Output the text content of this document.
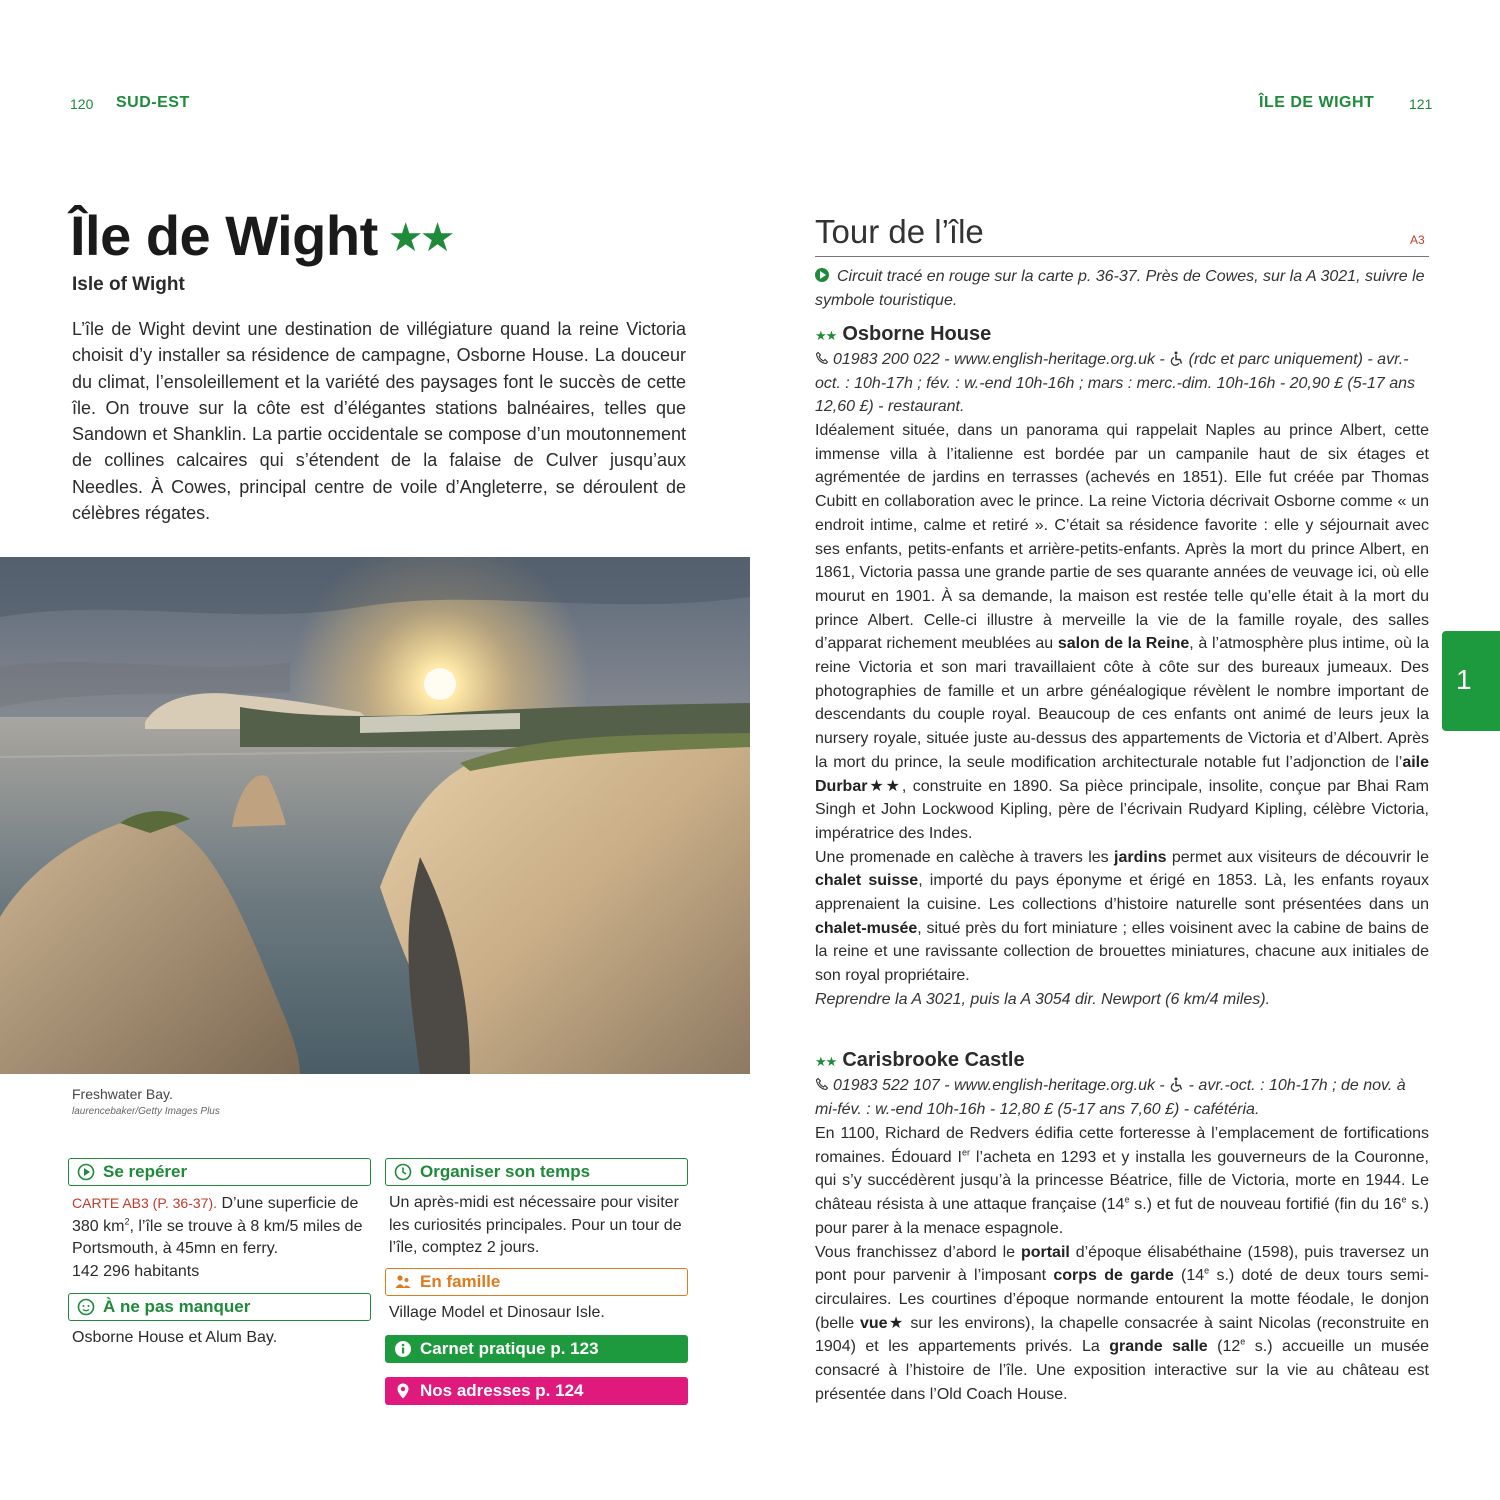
120 SUD-EST	ÎLE DE WIGHT 121
Île de Wight ★★
Isle of Wight

L’île de Wight devint une destination de villégiature quand la reine Victoria choisit d’y installer sa résidence de campagne, Osborne House. La douceur du climat, l’ensoleillement et la variété des paysages font le succès de cette île. On trouve sur la côte est d’élégantes stations balnéaires, telles que Sandown et Shanklin. La partie occidentale se compose d’un moutonnement de collines calcaires qui s’étendent de la falaise de Culver jusqu’aux Needles. À Cowes, principal centre de voile d’Angleterre, se déroulent de célèbres régates.

Freshwater Bay.
laurencebaker/Getty Images Plus
Se repérer
CARTE AB3 (P. 36-37). D’une superficie de 380 $km^2$, l’île se trouve à 8 km/5 miles de Portsmouth, à 45mn en ferry.
142 296 habitants
À ne pas manquer
Osborne House et Alum Bay.
Organiser son temps
Un après-midi est nécessaire pour visiter les curiosités principales. Pour un tour de l’île, comptez 2 jours.
En famille
Village Model et Dinosaur Isle.
Carnet pratique p. 123
Nos adresses p. 124
Tour de l’île	A3

Circuit tracé en rouge sur la carte p. 36-37. Près de Cowes, sur la A 3021, suivre le symbole touristique.

★★ Osborne House

01983 200 022 - www.english-heritage.org.uk -  (rdc et parc uniquement) - avr.-oct. : 10h-17h ; fév. : w.-end 10h-16h ; mars : merc.-dim. 10h-16h - 20,90 £ (5-17 ans 12,60 £) - restaurant.

Idéalement située, dans un panorama qui rappelait Naples au prince Albert, cette immense villa à l’italienne est bordée par un campanile haut de six étages et agrémentée de jardins en terrasses (achevés en 1851). Elle fut créée par Thomas Cubitt en collaboration avec le prince. La reine Victoria décrivait Osborne comme « un endroit intime, calme et retiré ». C’était sa résidence favorite : elle y séjournait avec ses enfants, petits-enfants et arrière-petits-enfants. Après la mort du prince Albert, en 1861, Victoria passa une grande partie de ses quarante années de veuvage ici, où elle mourut en 1901. À sa demande, la maison est restée telle qu’elle était à la mort du prince Albert. Celle-ci illustre à merveille la vie de la famille royale, des salles d’apparat richement meublées au salon de la Reine, à l’atmosphère plus intime, où la reine Victoria et son mari travaillaient côte à côte sur des bureaux jumeaux. Des photographies de famille et un arbre généalogique révèlent le nombre important de descendants du couple royal. Beaucoup de ces enfants ont animé de leurs jeux la nursery royale, située juste au-dessus des appartements de Victoria et d’Albert. Après la mort du prince, la seule modification architecturale notable fut l’adjonction de l’aile Durbar★★, construite en 1890. Sa pièce principale, insolite, conçue par Bhai Ram Singh et John Lockwood Kipling, père de l’écrivain Rudyard Kipling, célèbre Victoria, impératrice des Indes.

Une promenade en calèche à travers les jardins permet aux visiteurs de découvrir le chalet suisse, importé du pays éponyme et érigé en 1853. Là, les enfants royaux apprenaient la cuisine. Les collections d’histoire naturelle sont présentées dans un chalet-musée, situé près du fort miniature ; elles voisinent avec la cabine de bains de la reine et une ravissante collection de brouettes miniatures, chacune aux initiales de son royal propriétaire.

Reprendre la A 3021, puis la A 3054 dir. Newport (6 km/4 miles).

★★ Carisbrooke Castle

01983 522 107 - www.english-heritage.org.uk -  - avr.-oct. : 10h-17h ; de nov. à mi-fév. : w.-end 10h-16h - 12,80 £ (5-17 ans 7,60 £) - cafétéria.

En 1100, Richard de Redvers édifia cette forteresse à l’emplacement de fortifications romaines. Édouard Ier l’acheta en 1293 et y installa les gouverneurs de la Couronne, qui s’y succédèrent jusqu’à la princesse Béatrice, fille de Victoria, morte en 1944. Le château résista à une attaque française (14e s.) et fut de nouveau fortifié (fin du 16e s.) pour parer à la menace espagnole.

Vous franchissez d’abord le portail d’époque élisabéthaine (1598), puis traversez un pont pour parvenir à l’imposant corps de garde (14e s.) doté de deux tours semi-circulaires. Les courtines d’époque normande entourent la motte féodale, le donjon (belle vue★ sur les environs), la chapelle consacrée à saint Nicolas (reconstruite en 1904) et les appartements privés. La grande salle (12e s.) accueille un musée consacré à l’histoire de l’île. Une exposition interactive sur la vie au château est présentée dans l’Old Coach House.

1
